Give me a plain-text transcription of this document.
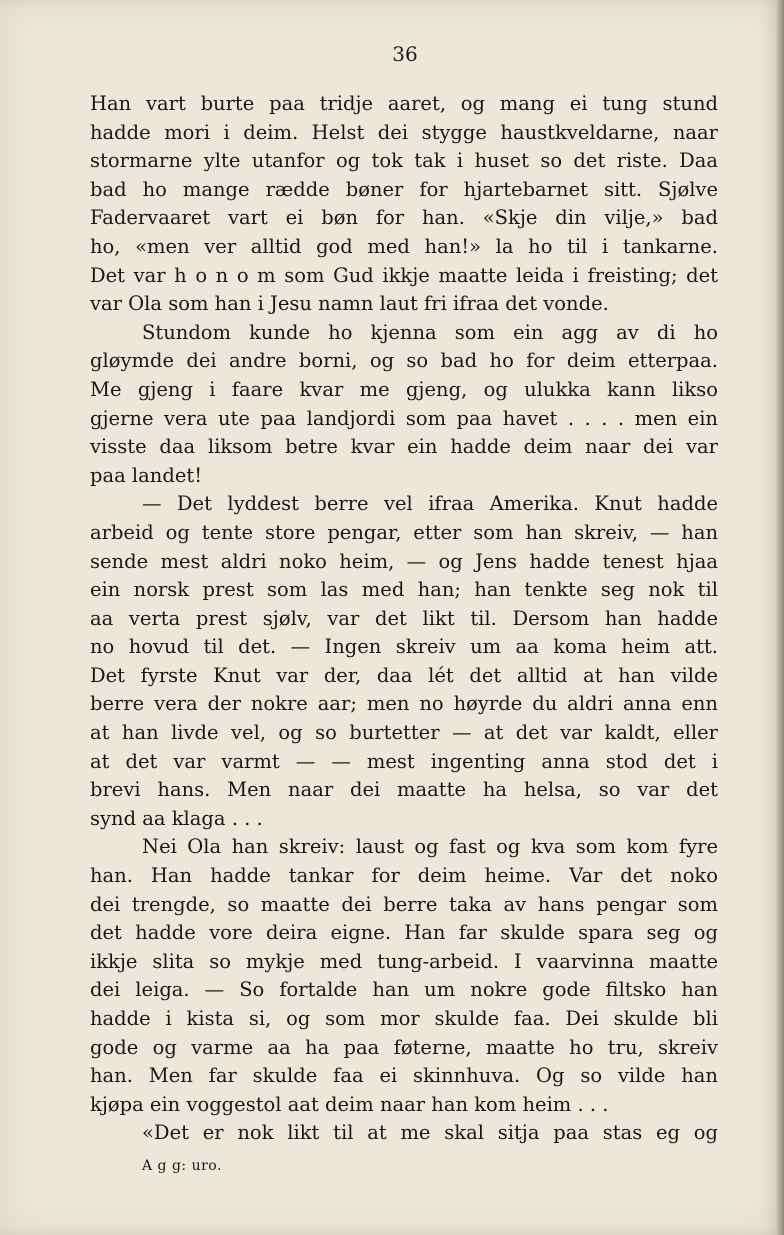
36
Han vart burte paa tridje aaret, og mang ei tung stund
hadde mori i deim. Helst dei stygge haustkveldarne, naar
stormarne ylte utanfor og tok tak i huset so det riste. Daa
bad ho mange rædde bøner for hjartebarnet sitt. Sjølve
Fadervaaret vart ei bøn for han. «Skje din vilje,» bad
ho, «men ver alltid god med han!» la ho til i tankarne.
Det var h o n o m som Gud ikkje maatte leida i freisting; det
var Ola som han i Jesu namn laut fri ifraa det vonde.
Stundom kunde ho kjenna som ein agg av di ho
gløymde dei andre borni, og so bad ho for deim etterpaa.
Me gjeng i faare kvar me gjeng, og ulukka kann likso
gjerne vera ute paa landjordi som paa havet . . . . men ein
visste daa liksom betre kvar ein hadde deim naar dei var
paa landet!
— Det lyddest berre vel ifraa Amerika. Knut hadde
arbeid og tente store pengar, etter som han skreiv, — han
sende mest aldri noko heim, — og Jens hadde tenest hjaa
ein norsk prest som las med han; han tenkte seg nok til
aa verta prest sjølv, var det likt til. Dersom han hadde
no hovud til det. — Ingen skreiv um aa koma heim att.
Det fyrste Knut var der, daa lét det alltid at han vilde
berre vera der nokre aar; men no høyrde du aldri anna enn
at han livde vel, og so burtetter — at det var kaldt, eller
at det var varmt — — mest ingenting anna stod det i
brevi hans. Men naar dei maatte ha helsa, so var det
synd aa klaga . . .
Nei Ola han skreiv: laust og fast og kva som kom fyre
han. Han hadde tankar for deim heime. Var det noko
dei trengde, so maatte dei berre taka av hans pengar som
det hadde vore deira eigne. Han far skulde spara seg og
ikkje slita so mykje med tung-arbeid. I vaarvinna maatte
dei leiga. — So fortalde han um nokre gode filtsko han
hadde i kista si, og som mor skulde faa. Dei skulde bli
gode og varme aa ha paa føterne, maatte ho tru, skreiv
han. Men far skulde faa ei skinnhuva. Og so vilde han
kjøpa ein voggestol aat deim naar han kom heim . . .
«Det er nok likt til at me skal sitja paa stas eg og
A g g: uro.
